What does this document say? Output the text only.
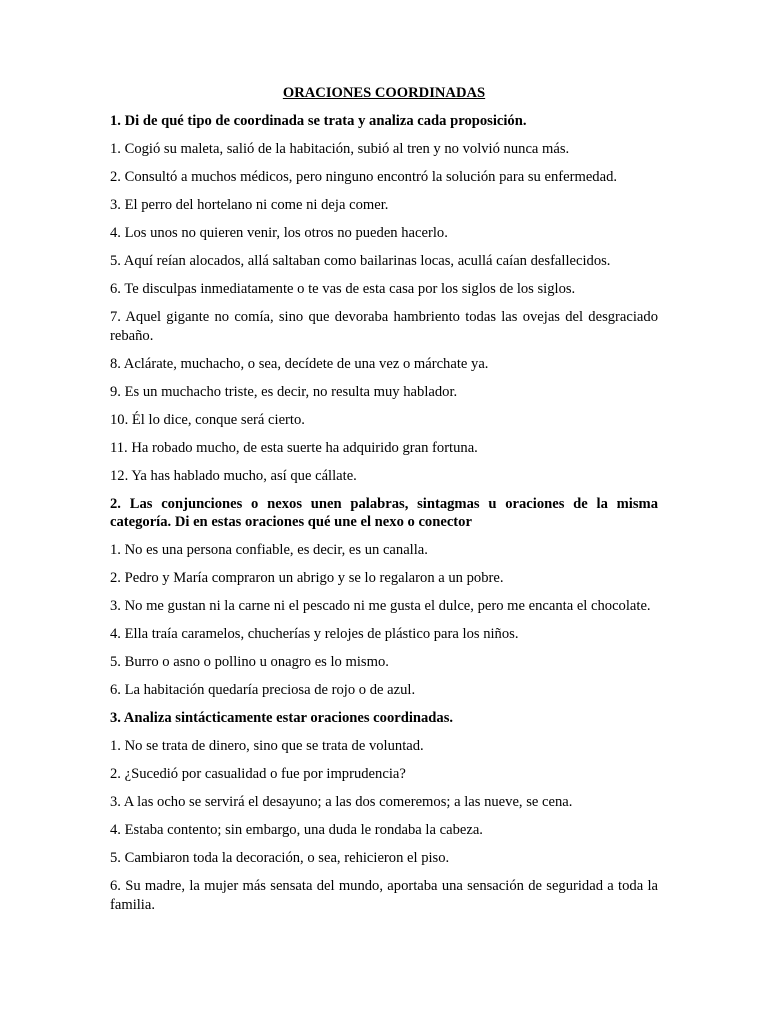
ORACIONES COORDINADAS

1. Di de qué tipo de coordinada se trata y analiza cada proposición.

1. Cogió su maleta, salió de la habitación, subió al tren y no volvió nunca más.

2. Consultó a muchos médicos, pero ninguno encontró la solución para su enfermedad.

3. El perro del hortelano ni come ni deja comer.

4. Los unos no quieren venir, los otros no pueden hacerlo.

5. Aquí reían alocados, allá saltaban como bailarinas locas, acullá caían desfallecidos.

6. Te disculpas inmediatamente o te vas de esta casa por los siglos de los siglos.

7. Aquel gigante no comía, sino que devoraba hambriento todas las ovejas del desgraciado rebaño.

8. Aclárate, muchacho, o sea, decídete de una vez o márchate ya.

9. Es un muchacho triste, es decir, no resulta muy hablador.

10. Él lo dice, conque será cierto.

11. Ha robado mucho, de esta suerte ha adquirido gran fortuna.

12. Ya has hablado mucho, así que cállate.

2. Las conjunciones o nexos unen palabras, sintagmas u oraciones de la misma categoría. Di en estas oraciones qué une el nexo o conector

1. No es una persona confiable, es decir, es un canalla.

2. Pedro y María compraron un abrigo y se lo regalaron a un pobre.

3. No me gustan ni la carne ni el pescado ni me gusta el dulce, pero me encanta el chocolate.

4. Ella traía caramelos, chucherías y relojes de plástico para los niños.

5. Burro o asno o pollino u onagro es lo mismo.

6. La habitación quedaría preciosa de rojo o de azul.

3. Analiza sintácticamente estar oraciones coordinadas.

1. No se trata de dinero, sino que se trata de voluntad.

2. ¿Sucedió por casualidad o fue por imprudencia?

3. A las ocho se servirá el desayuno; a las dos comeremos; a las nueve, se cena.

4. Estaba contento; sin embargo, una duda le rondaba la cabeza.

5. Cambiaron toda la decoración, o sea, rehicieron el piso.

6. Su madre, la mujer más sensata del mundo, aportaba una sensación de seguridad a toda la familia.
